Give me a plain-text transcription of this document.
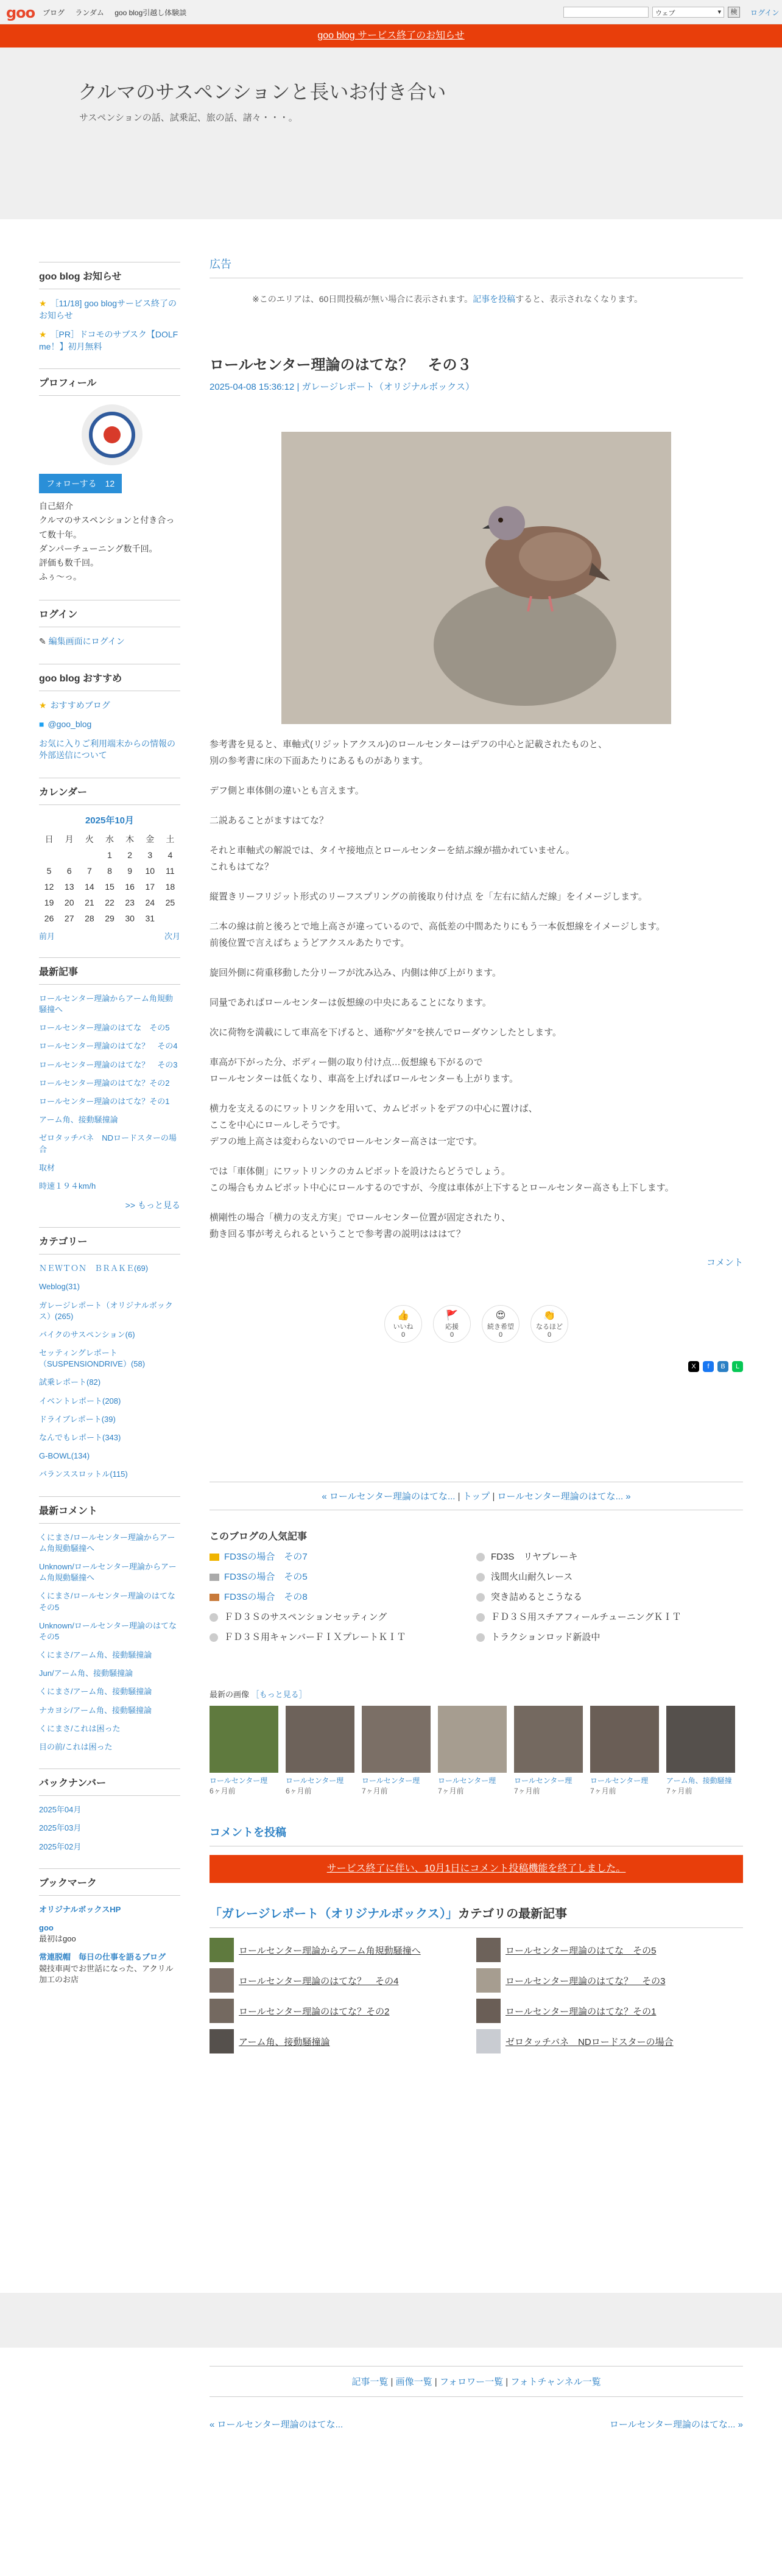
goo ブログ ランダム goo blog引越し体験談	ウェブ	▾	検	ログイン
goo blog サービス終了のお知らせ
クルマのサスペンションと長いお付き合い
サスペンションの話、試乗記、旅の話、諸々・・・。
goo blog お知らせ
★ ［11/18] goo blogサービス終了のお知らせ
★ ［PR］ドコモのサブスク【DOLF me！】初月無料
プロフィール
フォローする　 12
自己紹介
クルマのサスペンションと付き合って数十年。
ダンパーチューニング数千回。
評価も数千回。
ふぅ〜っ。
ログイン
✎ 編集画面にログイン
goo blog おすすめ
★ おすすめブログ
■ @goo_blog
お気に入りご利用端末からの情報の外部送信について
カレンダー
2025年10月
日	月	火	水	木	金	土
			1	2	3	4
5	6	7	8	9	10	11
12	13	14	15	16	17	18
19	20	21	22	23	24	25
26	27	28	29	30	31	
前月	次月
最新記事
ロールセンター理論からアーム角規動騒撞へ
ロールセンター理論のはてな　その5
ロールセンター理論のはてな？　その4
ロールセンター理論のはてな？　その3
ロールセンター理論のはてな？その2
ロールセンター理論のはてな？その1
アーム角、接動騒撞論
ゼロタッチバネ　NDロードスターの場合
取材
時速１９４km/h
>> もっと見る
カテゴリー
ＮＥＷＴＯＮ　ＢＲＡＫＥ(69)
Weblog(31)
ガレージレポート（オリジナルボックス）(265)
バイクのサスペンション(6)
セッティングレポート（SUSPENSIONDRIVE）(58)
試乗レポート(82)
イベントレポート(208)
ドライブレポート(39)
なんでもレポート(343)
G-BOWL(134)
バランススロットル(115)
最新コメント
くにまさ/ロールセンター理論からアーム角規動騒撞へ
Unknown/ロールセンター理論からアーム角規動騒撞へ
くにまさ/ロールセンター理論のはてな　その5
Unknown/ロールセンター理論のはてな　その5
くにまさ/アーム角、接動騒撞論
Jun/アーム角、接動騒撞論
くにまさ/アーム角、接動騒撞論
ナカヨシ/アーム角、接動騒撞論
くにまさ/これは困った
目の前/これは困った
バックナンバー
2025年04月
2025年03月
2025年02月
ブックマーク
オリジナルボックスHP
goo
最初はgoo
常連脱帽　毎日の仕事を語るブログ
競技車両でお世話になった、アクリル加工のお店
広告
※このエリアは、60日間投稿が無い場合に表示されます。記事を投稿すると、表示されなくなります。
ロールセンター理論のはてな？　その３
2025-04-08 15:36:12 | ガレージレポート（オリジナルボックス）

参考書を見ると、車軸式(リジットアクスル)のロールセンターはデフの中心と記載されたものと、
別の参考書に床の下面あたりにあるものがあります。

デフ側と車体側の違いとも言えます。

二説あることがますはてな？

それと車軸式の解説では、タイヤ接地点とロールセンターを結ぶ線が描かれていません。
これもはてな？

縦置きリーフリジット形式のリーフスプリングの前後取り付け点 を「左右に結んだ線」をイメージします。

二本の線は前と後ろとで地上高さが違っているので、高低差の中間あたりにもう一本仮想線をイメージします。
前後位置で言えばちょうどアクスルあたりです。

旋回外側に荷重移動した分リーフが沈み込み、内側は伸び上がります。

同量であればロールセンターは仮想線の中央にあることになります。

次に荷物を満載にして車高を下げると、通称“ゲタ”を挟んでローダウンしたとします。

車高が下がった分、ボディー側の取り付け点…仮想線も下がるので
ロールセンターは低くなり、車高を上げればロールセンターも上がります。

横力を支えるのにワットリンクを用いて、カムピボットをデフの中心に置けば、
ここを中心にロールしそうです。
デフの地上高さは変わらないのでロールセンター高さは一定です。

では「車体側」にワットリンクのカムピボットを設けたらどうでしょう。
この場合もカムピボット中心にロールするのですが、今度は車体が上下するとロールセンター高さも上下します。

横剛性の場合「横力の支え方実」でロールセンター位置が固定されたり、
動き回る事が考えられるということで参考書の説明はははて？

コメント
👍
いいね
0
🚩
応援
0
😍
続き希望
0
👏
なるほど
0
X	f	B	L
« ロールセンター理論のはてな... | トップ | ロールセンター理論のはてな... »
このブログの人気記事
FD3Sの場合　その7	FD3S　リヤブレーキ
FD3Sの場合　その5	浅間火山耐久レース
FD3Sの場合　その8	突き詰めるとこうなる
ＦＤ３Ｓのサスペンションセッティング	ＦＤ３Ｓ用スチアフィールチューニングＫＩＴ
ＦＤ３Ｓ用キャンバーＦＩＸプレートＫＩＴ	トラクションロッド新設中
最新の画像 ［もっと見る］
ロールセンター理
6ヶ月前
ロールセンター理
6ヶ月前
ロールセンター理
7ヶ月前
ロールセンター理
7ヶ月前
ロールセンター理
7ヶ月前
ロールセンター理
7ヶ月前
アーム角、接動騒撞
7ヶ月前
コメントを投稿
サービス終了に伴い、10月1日にコメント投稿機能を終了しました。
「ガレージレポート（オリジナルボックス）」カテゴリの最新記事
ロールセンター理論からアーム角規動騒撞へ	ロールセンター理論のはてな　その5
ロールセンター理論のはてな？　その4	ロールセンター理論のはてな？　その3
ロールセンター理論のはてな？その2	ロールセンター理論のはてな？その1
アーム角、接動騒撞論	ゼロタッチバネ　NDロードスターの場合
記事一覧 | 画像一覧 | フォロワー一覧 | フォトチャンネル一覧
« ロールセンター理論のはてな...	ロールセンター理論のはてな... »
